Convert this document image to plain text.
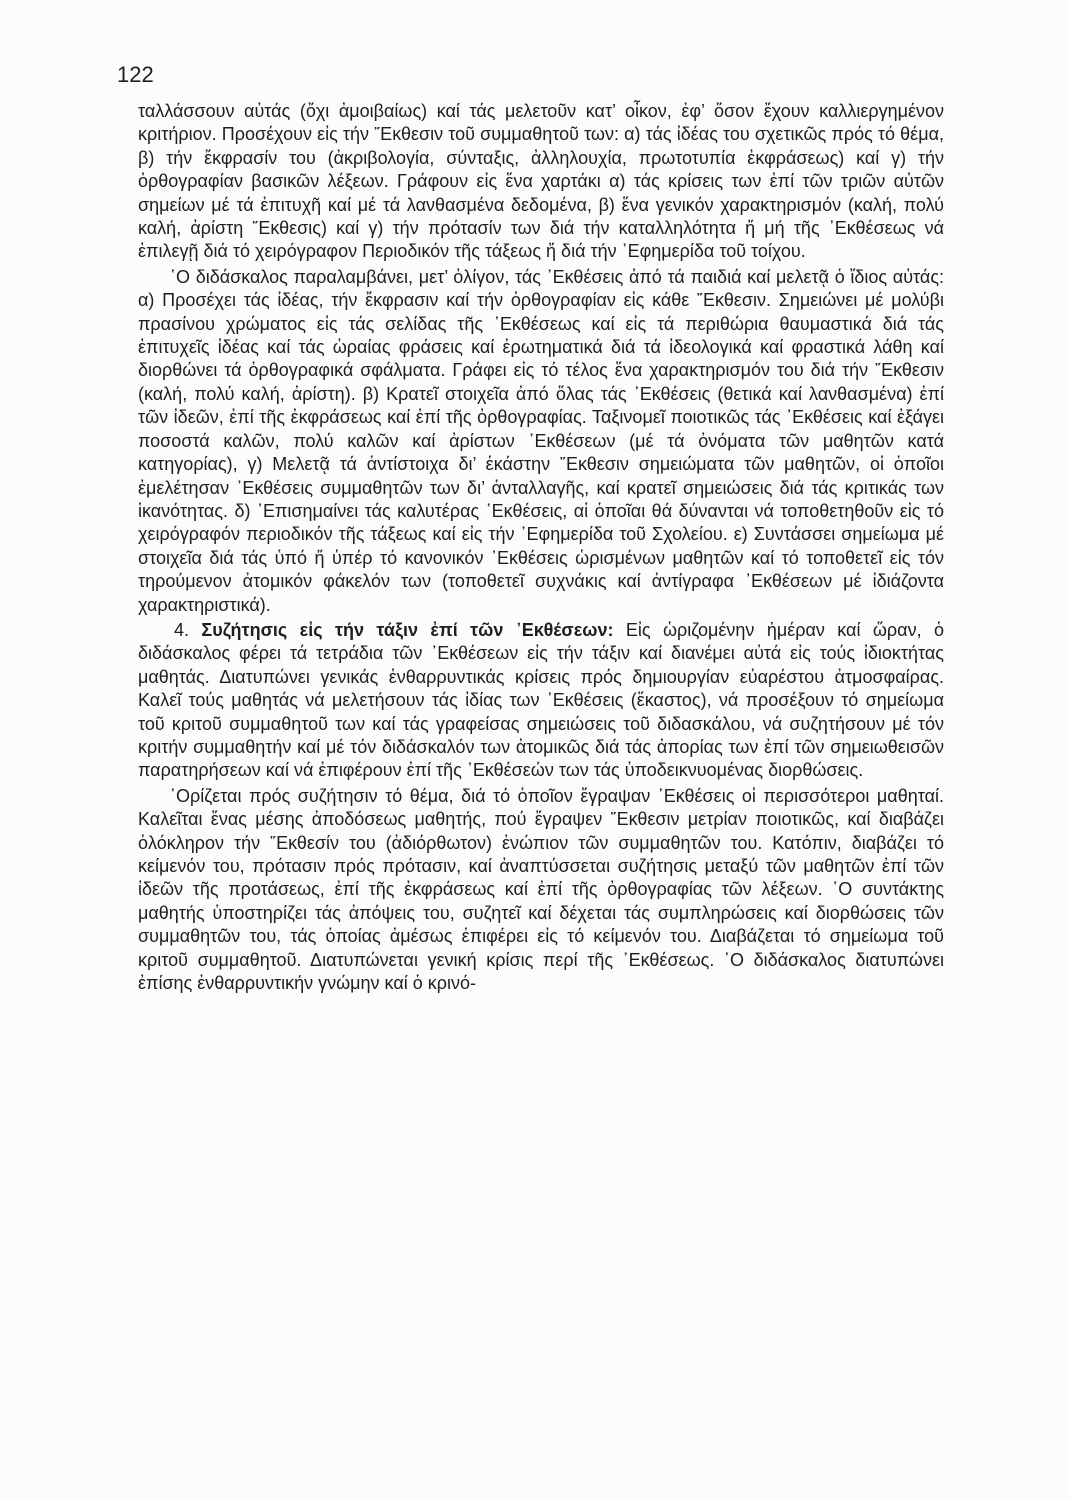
122

ταλλάσσουν αὐτάς (ὄχι ἀμοιβαίως) καί τάς μελετοῦν κατ’ οἶκον, ἐφ’ ὅσον ἔχουν καλλιεργημένον κριτήριον. Προσέχουν εἰς τήν ῎Εκθεσιν τοῦ συμμαθητοῦ των: α) τάς ἰδέας του σχετικῶς πρός τό θέμα, β) τήν ἔκφρασίν του (ἀκριβολογία, σύνταξις, ἀλληλουχία, πρωτοτυπία ἐκφράσεως) καί γ) τήν ὀρθογραφίαν βασικῶν λέξεων. Γράφουν εἰς ἕνα χαρτάκι α) τάς κρίσεις των ἐπί τῶν τριῶν αὐτῶν σημείων μέ τά ἐπιτυχῆ καί μέ τά λανθασμένα δεδομένα, β) ἕνα γενικόν χαρακτηρισμόν (καλή, πολύ καλή, ἀρίστη ῎Εκθεσις) καί γ) τήν πρότασίν των διά τήν καταλληλότητα ἤ μή τῆς ᾿Εκθέσεως νά ἐπιλεγῇ διά τό χειρόγραφον Περιοδικόν τῆς τάξεως ἤ διά τήν ᾿Εφημερίδα τοῦ τοίχου.

῾Ο διδάσκαλος παραλαμβάνει, μετ’ ὀλίγον, τάς ᾿Εκθέσεις ἀπό τά παιδιά καί μελετᾷ ὁ ἴδιος αὐτάς: α) Προσέχει τάς ἰδέας, τήν ἔκφρασιν καί τήν ὀρθογραφίαν εἰς κάθε ῎Εκθεσιν. Σημειώνει μέ μολύβι πρασίνου χρώματος εἰς τάς σελίδας τῆς ᾿Εκθέσεως καί εἰς τά περιθώρια θαυμαστικά διά τάς ἐπιτυχεῖς ἰδέας καί τάς ὡραίας φράσεις καί ἐρωτηματικά διά τά ἰδεολογικά καί φραστικά λάθη καί διορθώνει τά ὀρθογραφικά σφάλματα. Γράφει εἰς τό τέλος ἕνα χαρακτηρισμόν του διά τήν ῎Εκθεσιν (καλή, πολύ καλή, ἀρίστη). β) Κρατεῖ στοιχεῖα ἀπό ὅλας τάς ᾿Εκθέσεις (θετικά καί λανθασμένα) ἐπί τῶν ἰδεῶν, ἐπί τῆς ἐκφράσεως καί ἐπί τῆς ὀρθογραφίας. Ταξινομεῖ ποιοτικῶς τάς ᾿Εκθέσεις καί ἐξάγει ποσοστά καλῶν, πολύ καλῶν καί ἀρίστων ᾿Εκθέσεων (μέ τά ὀνόματα τῶν μαθητῶν κατά κατηγορίας), γ) Μελετᾷ τά ἀντίστοιχα δι’ ἑκάστην ῎Εκθεσιν σημειώματα τῶν μαθητῶν, οἱ ὁποῖοι ἐμελέτησαν ᾿Εκθέσεις συμμαθητῶν των δι’ ἀνταλλαγῆς, καί κρατεῖ σημειώσεις διά τάς κριτικάς των ἱκανότητας. δ) ᾿Επισημαίνει τάς καλυτέρας ᾿Εκθέσεις, αἱ ὁποῖαι θά δύνανται νά τοποθετηθοῦν εἰς τό χειρόγραφόν περιοδικόν τῆς τάξεως καί εἰς τήν ᾿Εφημερίδα τοῦ Σχολείου. ε) Συντάσσει σημείωμα μέ στοιχεῖα διά τάς ὑπό ἤ ὑπέρ τό κανονικόν ᾿Εκθέσεις ὡρισμένων μαθητῶν καί τό τοποθετεῖ εἰς τόν τηρούμενον ἀτομικόν φάκελόν των (τοποθετεῖ συχνάκις καί ἀντίγραφα ᾿Εκθέσεων μέ ἰδιάζοντα χαρακτηριστικά).

4. Συζήτησις εἰς τήν τάξιν ἐπί τῶν ᾿Εκθέσεων: Εἰς ὡριζομένην ἡμέραν καί ὥραν, ὁ διδάσκαλος φέρει τά τετράδια τῶν ᾿Εκθέσεων εἰς τήν τάξιν καί διανέμει αὐτά εἰς τούς ἰδιοκτήτας μαθητάς. Διατυπώνει γενικάς ἐνθαρρυντικάς κρίσεις πρός δημιουργίαν εὐαρέστου ἀτμοσφαίρας. Καλεῖ τούς μαθητάς νά μελετήσουν τάς ἰδίας των ᾿Εκθέσεις (ἕκαστος), νά προσέξουν τό σημείωμα τοῦ κριτοῦ συμμαθητοῦ των καί τάς γραφείσας σημειώσεις τοῦ διδασκάλου, νά συζητήσουν μέ τόν κριτήν συμμαθητήν καί μέ τόν διδάσκαλόν των ἀτομικῶς διά τάς ἀπορίας των ἐπί τῶν σημειωθεισῶν παρατηρήσεων καί νά ἐπιφέρουν ἐπί τῆς ᾿Εκθέσεών των τάς ὑποδεικνυομένας διορθώσεις.

῾Ορίζεται πρός συζήτησιν τό θέμα, διά τό ὁποῖον ἔγραψαν ᾿Εκθέσεις οἱ περισσότεροι μαθηταί. Καλεῖται ἕνας μέσης ἀποδόσεως μαθητής, πού ἔγραψεν ῎Εκθεσιν μετρίαν ποιοτικῶς, καί διαβάζει ὁλόκληρον τήν ῎Εκθεσίν του (ἀδιόρθωτον) ἐνώπιον τῶν συμμαθητῶν του. Κατόπιν, διαβάζει τό κείμενόν του, πρότασιν πρός πρότασιν, καί ἀναπτύσσεται συζήτησις μεταξύ τῶν μαθητῶν ἐπί τῶν ἰδεῶν τῆς προτάσεως, ἐπί τῆς ἐκφράσεως καί ἐπί τῆς ὀρθογραφίας τῶν λέξεων. ῾Ο συντάκτης μαθητής ὑποστηρίζει τάς ἀπόψεις του, συζητεῖ καί δέχεται τάς συμπληρώσεις καί διορθώσεις τῶν συμμαθητῶν του, τάς ὁποίας ἀμέσως ἐπιφέρει εἰς τό κείμενόν του. Διαβάζεται τό σημείωμα τοῦ κριτοῦ συμμαθητοῦ. Διατυπώνεται γενική κρίσις περί τῆς ᾿Εκθέσεως. ῾Ο διδάσκαλος διατυπώνει ἐπίσης ἐνθαρρυντικήν γνώμην καί ὁ κρινό-
